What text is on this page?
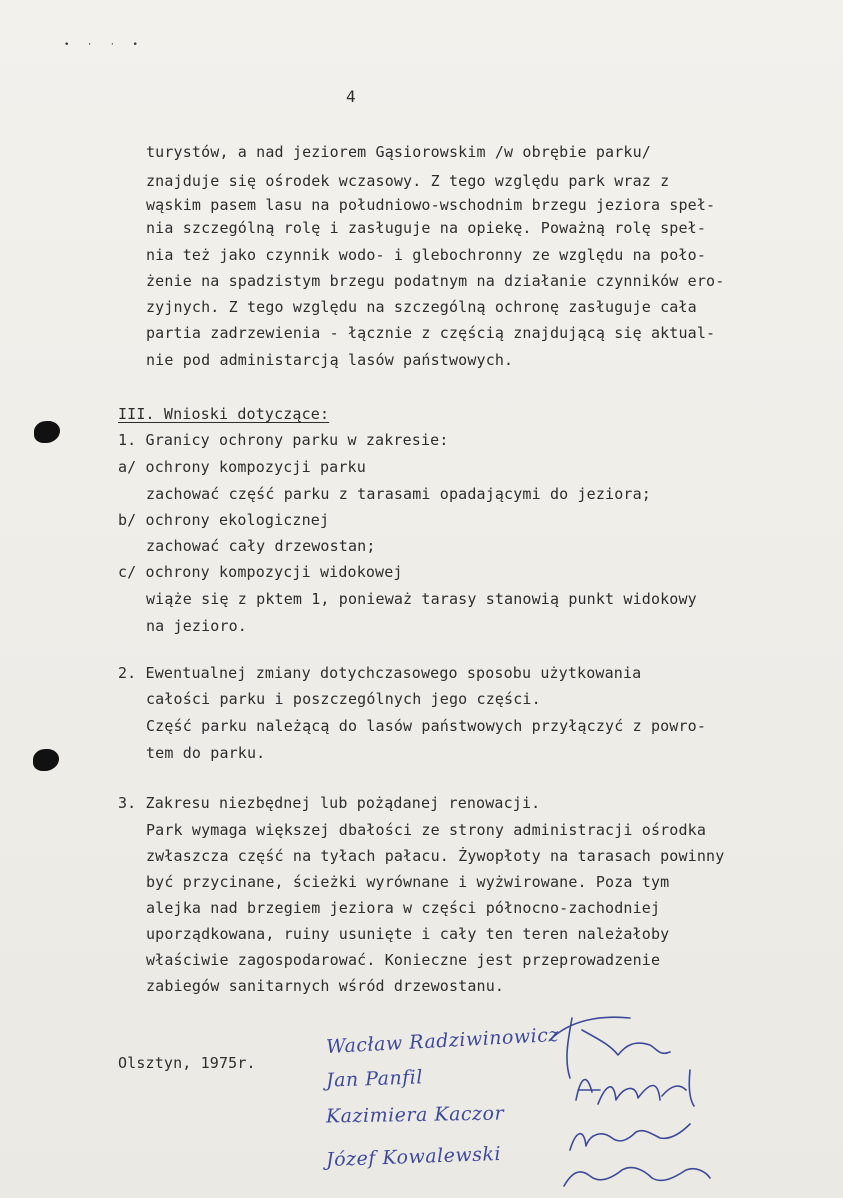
• · · •
4
turystów, a nad jeziorem Gąsiorowskim /w obrębie parku/
znajduje się ośrodek wczasowy. Z tego względu park wraz z
wąskim pasem lasu na południowo-wschodnim brzegu jeziora speł-
nia szczególną rolę i zasługuje na opiekę. Poważną rolę speł-
nia też jako czynnik wodo- i glebochronny ze względu na poło-
żenie na spadzistym brzegu podatnym na działanie czynników ero-
zyjnych. Z tego względu na szczególną ochronę zasługuje cała
partia zadrzewienia - łącznie z częścią znajdującą się aktual-
nie pod administarcją lasów państwowych.
III. Wnioski dotyczące:
1. Granicy ochrony parku w zakresie:
a/ ochrony kompozycji parku
zachować część parku z tarasami opadającymi do jeziora;
b/ ochrony ekologicznej
zachować cały drzewostan;
c/ ochrony kompozycji widokowej
wiąże się z pktem 1, ponieważ tarasy stanowią punkt widokowy
na jezioro.
2. Ewentualnej zmiany dotychczasowego sposobu użytkowania
całości parku i poszczególnych jego części.
Część parku należącą do lasów państwowych przyłączyć z powro-
tem do parku.
3. Zakresu niezbędnej lub pożądanej renowacji.
Park wymaga większej dbałości ze strony administracji ośrodka
zwłaszcza część na tyłach pałacu. Żywopłoty na tarasach powinny
być przycinane, ścieżki wyrównane i wyżwirowane. Poza tym
alejka nad brzegiem jeziora w części północno-zachodniej
uporządkowana, ruiny usunięte i cały ten teren należałoby
właściwie zagospodarować. Konieczne jest przeprowadzenie
zabiegów sanitarnych wśród drzewostanu.
Olsztyn, 1975r.
Wacław Radziwinowicz
Jan Panfil
Kazimiera Kaczor
Józef Kowalewski
